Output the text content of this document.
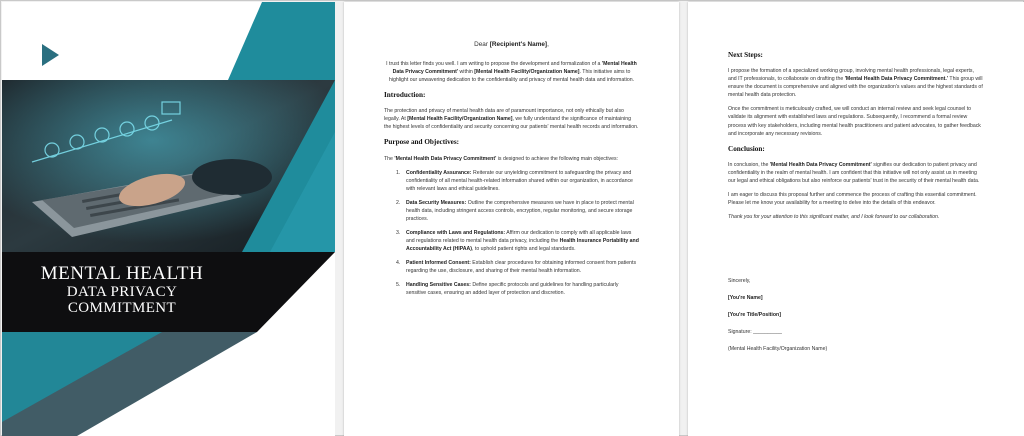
MENTAL HEALTH
DATA PRIVACY
COMMITMENT
Dear [Recipient's Name],
I trust this letter finds you well. I am writing to propose the development and formalization of a 'Mental Health Data Privacy Commitment' within [Mental Health Facility/Organization Name]. This initiative aims to highlight our unwavering dedication to the confidentiality and privacy of mental health data and information.
Introduction:
The protection and privacy of mental health data are of paramount importance, not only ethically but also legally. At [Mental Health Facility/Organization Name], we fully understand the significance of maintaining the highest levels of confidentiality and security concerning our patients' mental health records and information.
Purpose and Objectives:
The 'Mental Health Data Privacy Commitment' is designed to achieve the following main objectives:
1.	Confidentiality Assurance: Reiterate our unyielding commitment to safeguarding the privacy and confidentiality of all mental health-related information shared within our organization, in accordance with relevant laws and ethical guidelines.
2.	Data Security Measures: Outline the comprehensive measures we have in place to protect mental health data, including stringent access controls, encryption, regular monitoring, and secure storage practices.
3.	Compliance with Laws and Regulations: Affirm our dedication to comply with all applicable laws and regulations related to mental health data privacy, including the Health Insurance Portability and Accountability Act (HIPAA), to uphold patient rights and legal standards.
4.	Patient Informed Consent: Establish clear procedures for obtaining informed consent from patients regarding the use, disclosure, and sharing of their mental health information.
5.	Handling Sensitive Cases: Define specific protocols and guidelines for handling particularly sensitive cases, ensuring an added layer of protection and discretion.
Next Steps:
I propose the formation of a specialized working group, involving mental health professionals, legal experts, and IT professionals, to collaborate on drafting the 'Mental Health Data Privacy Commitment.' This group will ensure the document is comprehensive and aligned with the organization's values and the highest standards of mental health data protection.
Once the commitment is meticulously crafted, we will conduct an internal review and seek legal counsel to validate its alignment with established laws and regulations. Subsequently, I recommend a formal review process with key stakeholders, including mental health practitioners and patient advocates, to gather feedback and incorporate any necessary revisions.
Conclusion:
In conclusion, the 'Mental Health Data Privacy Commitment' signifies our dedication to patient privacy and confidentiality in the realm of mental health. I am confident that this initiative will not only assist us in meeting our legal and ethical obligations but also reinforce our patients' trust in the security of their mental health data.
I am eager to discuss this proposal further and commence the process of crafting this essential commitment. Please let me know your availability for a meeting to delve into the details of this endeavor.
Thank you for your attention to this significant matter, and I look forward to our collaboration.
Sincerely,
[You're Name]
[You're Title/Position]
Signature: __________
(Mental Health Facility/Organization Name)
